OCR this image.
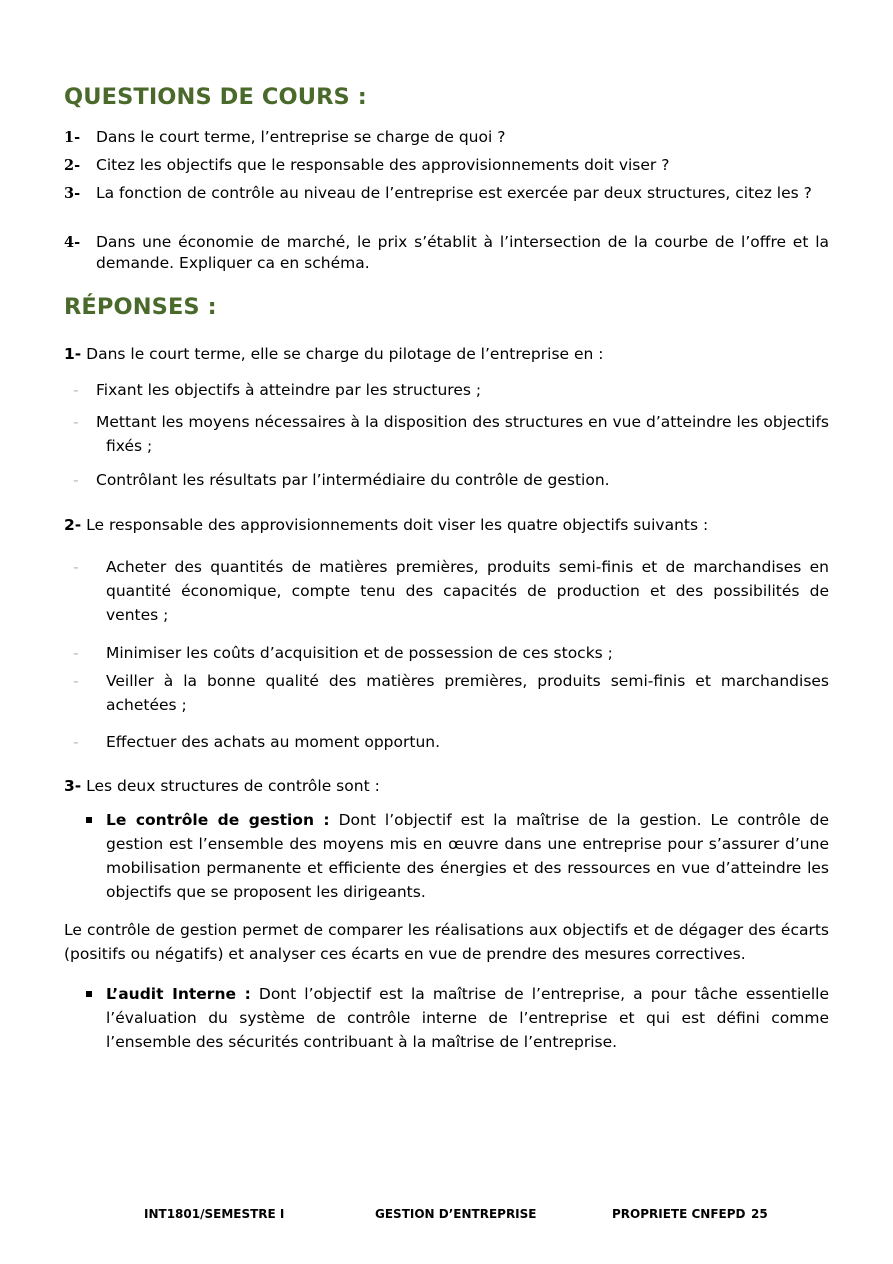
QUESTIONS DE COURS :
1- Dans le court terme, l’entreprise se charge de quoi ?
2- Citez les objectifs que le responsable des approvisionnements doit viser ?
3- La fonction de contrôle au niveau de l’entreprise est exercée par deux structures, citez les ?
4- Dans une économie de marché, le prix s’établit à l’intersection de la courbe de l’offre et la demande. Expliquer ca en schéma.
RÉPONSES :
1- Dans le court terme, elle se charge du pilotage de l’entreprise en :
- Fixant les objectifs à atteindre par les structures ;
- Mettant les moyens nécessaires à la disposition des structures en vue d’atteindre les objectifs fixés ;
- Contrôlant les résultats par l’intermédiaire du contrôle de gestion.
2- Le responsable des approvisionnements doit viser les quatre objectifs suivants :
- Acheter des quantités de matières premières, produits semi-finis et de marchandises en quantité économique, compte tenu des capacités de production et des possibilités de ventes ;
- Minimiser les coûts d’acquisition et de possession de ces stocks ;
- Veiller à la bonne qualité des matières premières, produits semi-finis et marchandises achetées ;
- Effectuer des achats au moment opportun.
3- Les deux structures de contrôle sont :
Le contrôle de gestion : Dont l’objectif est la maîtrise de la gestion. Le contrôle de gestion est l’ensemble des moyens mis en œuvre dans une entreprise pour s’assurer d’une mobilisation permanente et efficiente des énergies et des ressources en vue d’atteindre les objectifs que se proposent les dirigeants.
Le contrôle de gestion permet de comparer les réalisations aux objectifs et de dégager des écarts (positifs ou négatifs) et analyser ces écarts en vue de prendre des mesures correctives.
L’audit Interne : Dont l’objectif est la maîtrise de l’entreprise, a pour tâche essentielle l’évaluation du système de contrôle interne de l’entreprise et qui est défini comme l’ensemble des sécurités contribuant à la maîtrise de l’entreprise.
INT1801/SEMESTRE I	GESTION D’ENTREPRISE	PROPRIETE CNFEPD 25
